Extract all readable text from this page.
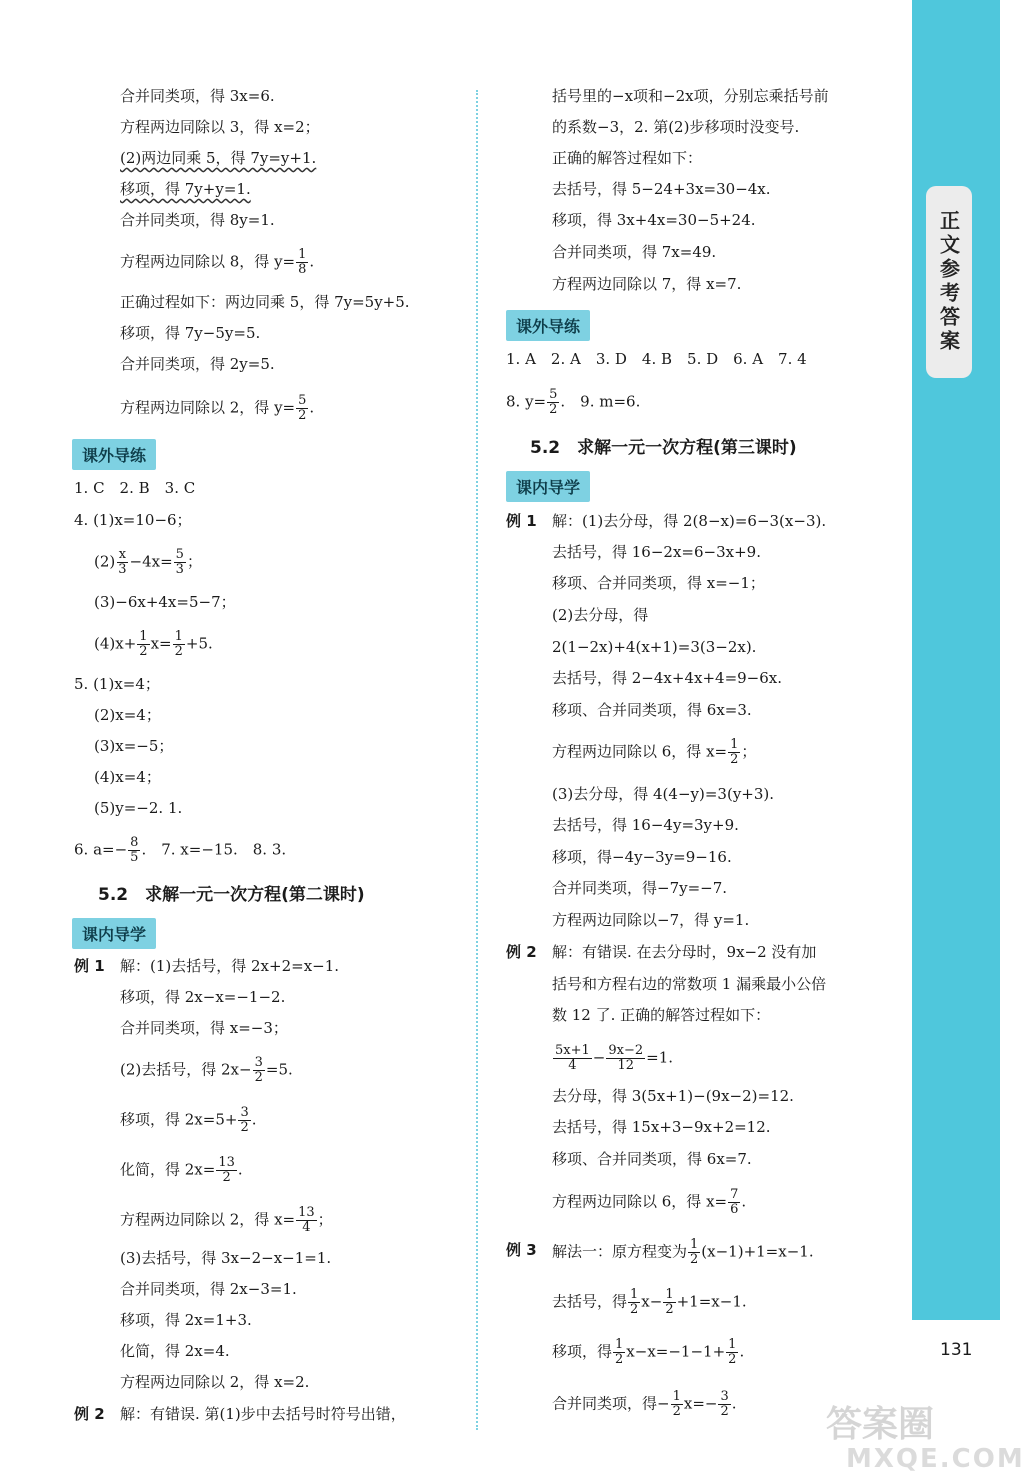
正文参考答案
131
合并同类项，得 3x=6.
方程两边同除以 3，得 x=2；
(2)两边同乘 5，得 7y=y+1.
移项，得 7y+y=1.
合并同类项，得 8y=1.
方程两边同除以 8，得 $y= \frac{1}{8}$ .
正确过程如下：两边同乘 5，得 7y=5y+5.
移项，得 7y−5y=5.
合并同类项，得 2y=5.
方程两边同除以 2，得 $y= \frac{5}{2}$ .
课外导练
1. C　2. B　3. C
4. (1)x=10−6；
$(2) \frac{x}{3} -4x= \frac{5}{3}$ ；
(3)−6x+4x=5−7；
$(4)x+ \frac{1}{2} x= \frac{1}{2} +5$.
5. (1)x=4；
(2)x=4；
(3)x=−5；
(4)x=4；
(5)y=−2. 1.
6. $a=- \frac{8}{5}$ .　7. x=−15.　8. 3.
5.2　求解一元一次方程(第二课时)
课内导学
例 1 解：(1)去括号，得 2x+2=x−1.
移项，得 2x−x=−1−2.
合并同类项，得 x=−3；
(2)去括号，得 $2x- \frac{3}{2} =5$.
移项，得 $2x=5+ \frac{3}{2}$ .
化简，得 $2x= \frac{13}{2}$ .
方程两边同除以 2，得 $x= \frac{13}{4}$ ；
(3)去括号，得 3x−2−x−1=1.
合并同类项，得 2x−3=1.
移项，得 2x=1+3.
化简，得 2x=4.
方程两边同除以 2，得 x=2.
例 2 解：有错误. 第(1)步中去括号时符号出错，
括号里的−x项和−2x项，分别忘乘括号前
的系数−3，2. 第(2)步移项时没变号.
正确的解答过程如下：
去括号，得 5−24+3x=30−4x.
移项，得 3x+4x=30−5+24.
合并同类项，得 7x=49.
方程两边同除以 7，得 x=7.
课外导练
1. A　2. A　3. D　4. B　5. D　6. A　7. 4
8. $y= \frac{5}{2}$ .　9. m=6.
5.2　求解一元一次方程(第三课时)
课内导学
例 1 解：(1)去分母，得 2(8−x)=6−3(x−3).
去括号，得 16−2x=6−3x+9.
移项、合并同类项，得 x=−1；
(2)去分母，得
2(1−2x)+4(x+1)=3(3−2x).
去括号，得 2−4x+4x+4=9−6x.
移项、合并同类项，得 6x=3.
方程两边同除以 6，得 $x= \frac{1}{2}$ ；
(3)去分母，得 4(4−y)=3(y+3).
去括号，得 16−4y=3y+9.
移项，得−4y−3y=9−16.
合并同类项，得−7y=−7.
方程两边同除以−7，得 y=1.
例 2 解：有错误. 在去分母时，9x−2 没有加
括号和方程右边的常数项 1 漏乘最小公倍
数 12 了. 正确的解答过程如下：
$\frac{5x+1}{4} - \frac{9x-2}{12} =1$.
去分母，得 3(5x+1)−(9x−2)=12.
去括号，得 15x+3−9x+2=12.
移项、合并同类项，得 6x=7.
方程两边同除以 6，得 $x= \frac{7}{6}$ .
例 3 解法一：原方程变为 $\frac{1}{2} (x-1)+1=x-1$.
去括号，得 $\frac{1}{2} x- \frac{1}{2} +1=x-1$.
移项，得 $\frac{1}{2} x-x=-1-1+ \frac{1}{2}$ .
合并同类项，得− $\frac{1}{2} x=- \frac{3}{2}$ .
答案圈
MXQE.COM
